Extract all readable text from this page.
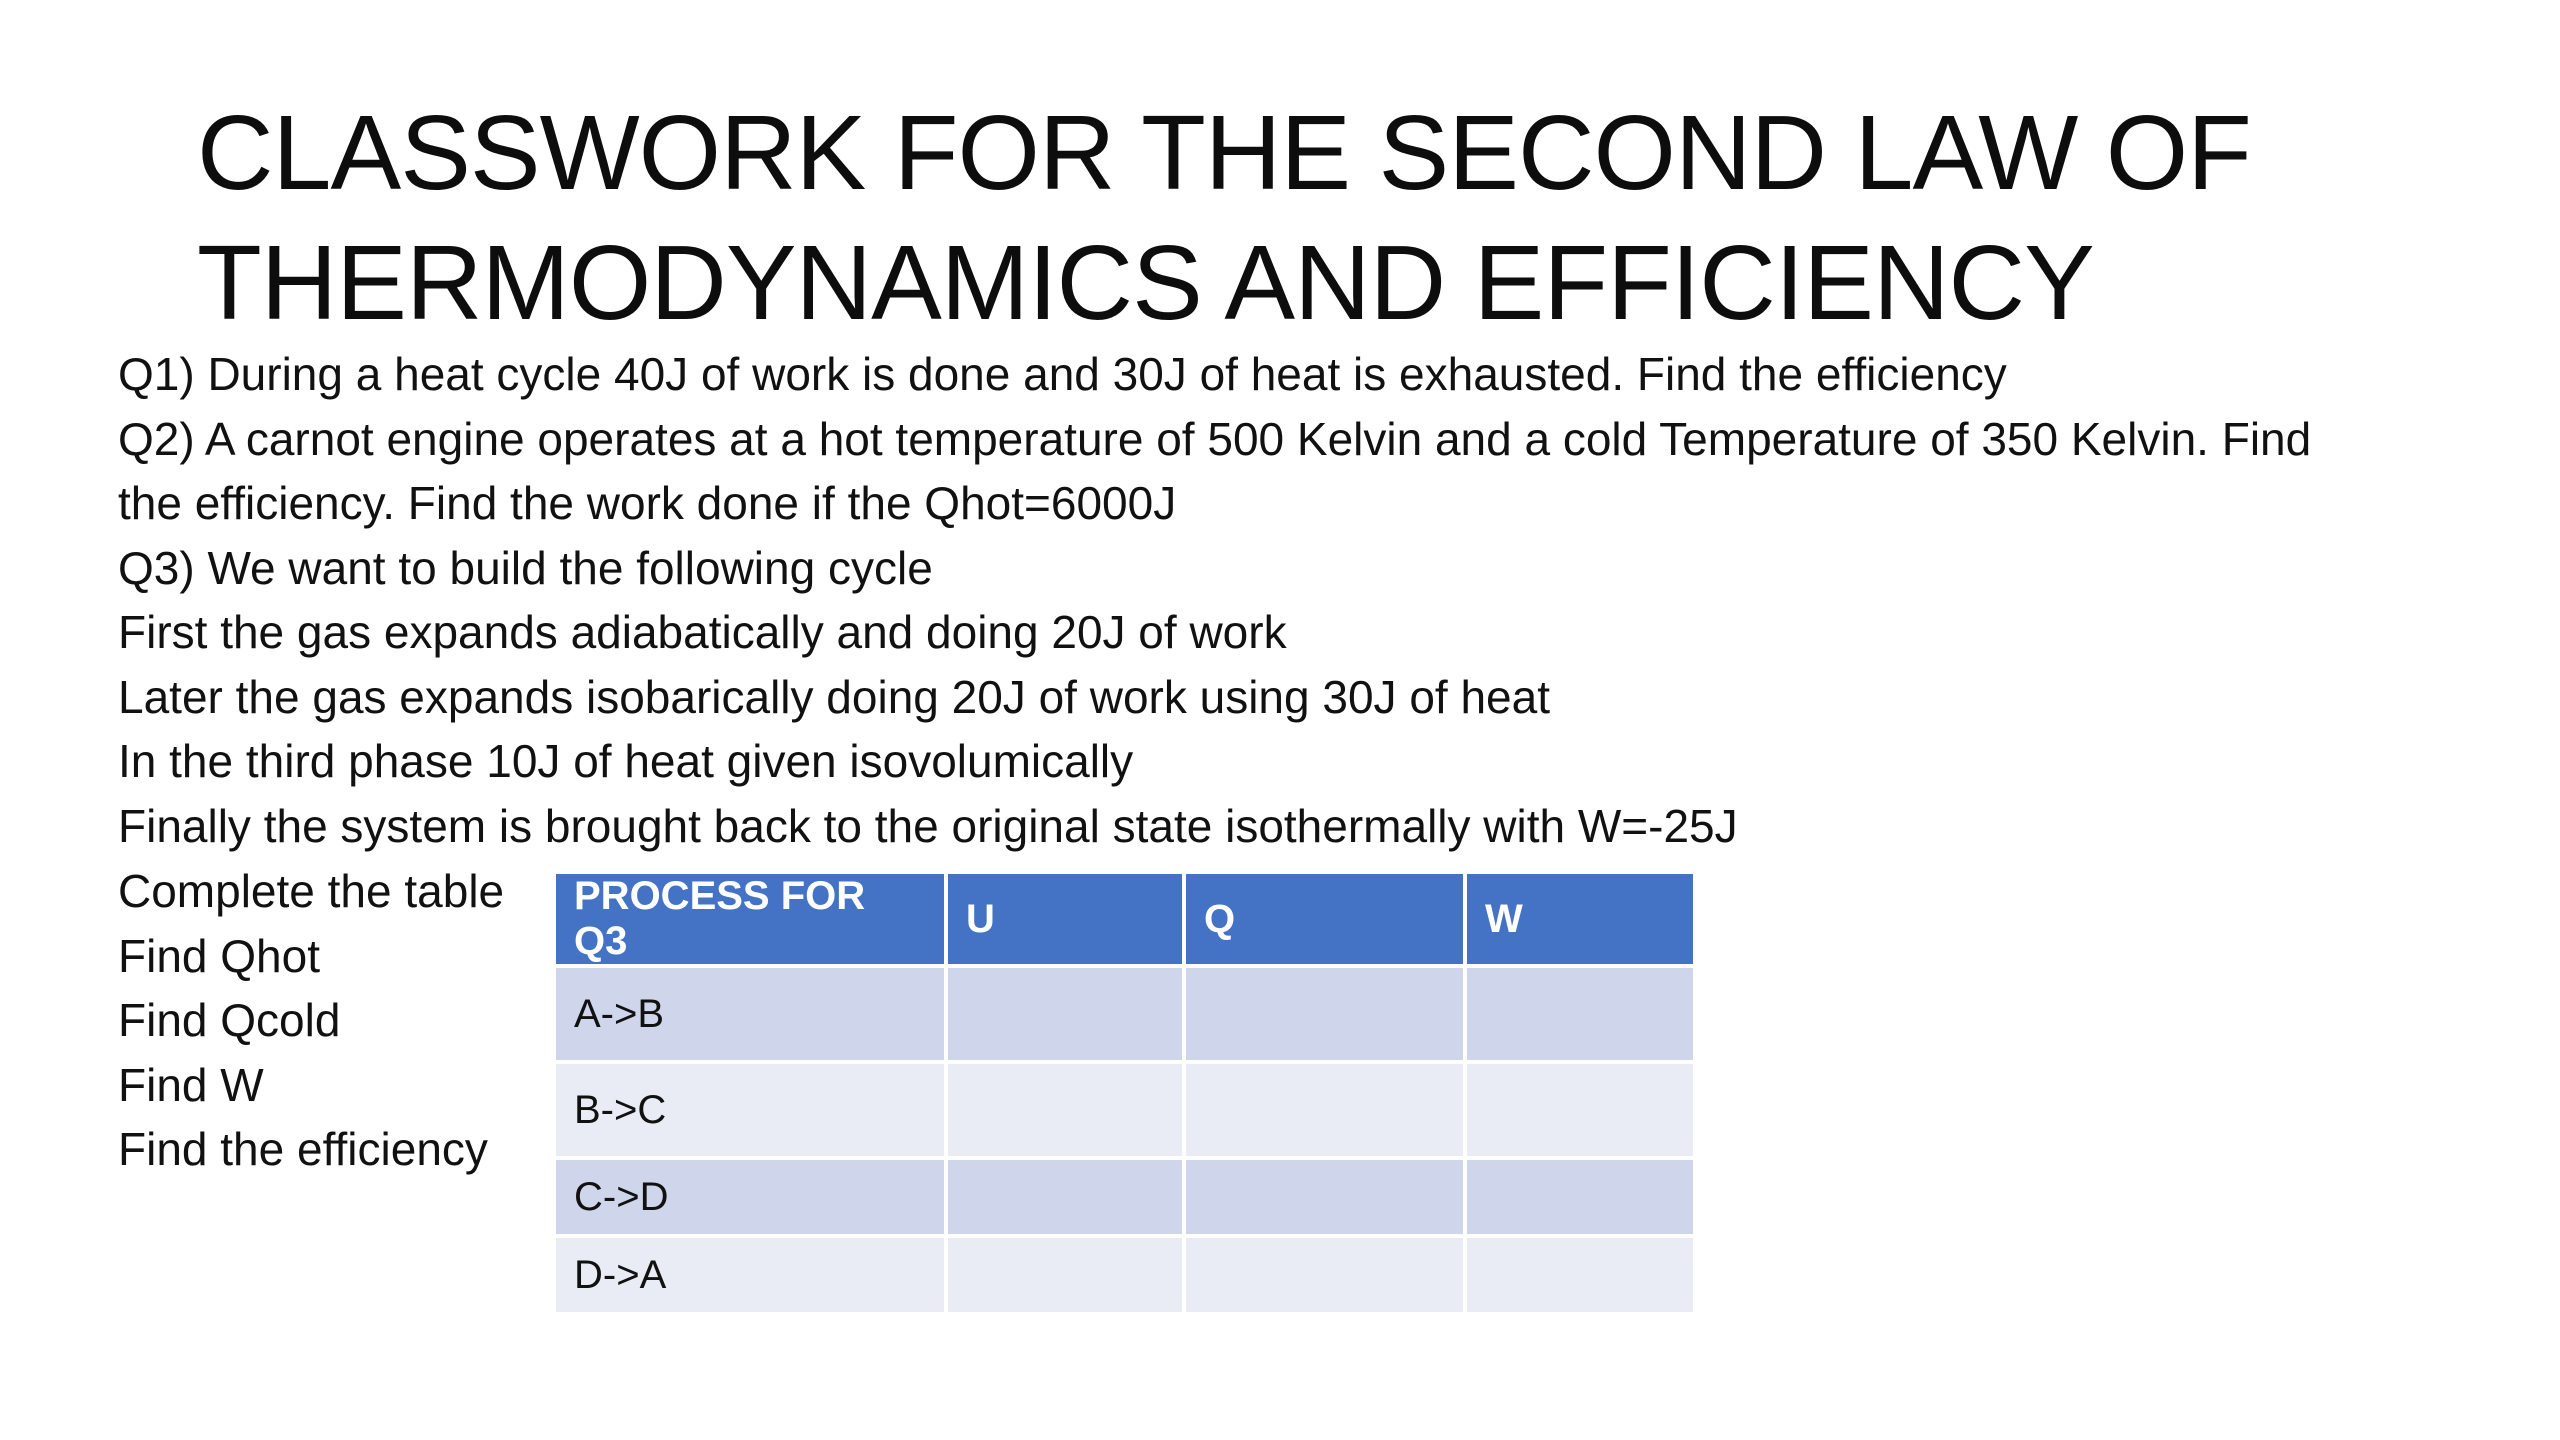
CLASSWORK FOR THE SECOND LAW OF
THERMODYNAMICS AND EFFICIENCY
Q1) During a heat cycle 40J of work is done and 30J of heat is exhausted. Find the efficiency
Q2) A carnot engine operates at a hot temperature of 500 Kelvin and a cold Temperature of 350 Kelvin. Find
the efficiency. Find the work done if the Qhot=6000J
Q3) We want to build the following cycle
First the gas expands adiabatically and doing 20J of work
Later the gas expands isobarically doing 20J of work using 30J of heat
In the third phase 10J of heat given isovolumically
Finally the system is brought back to the original state isothermally with W=-25J
Complete the table
Find Qhot
Find Qcold
Find W
Find the efficiency
PROCESS FOR Q3	U	Q	W
A->B			
B->C			
C->D			
D->A			
